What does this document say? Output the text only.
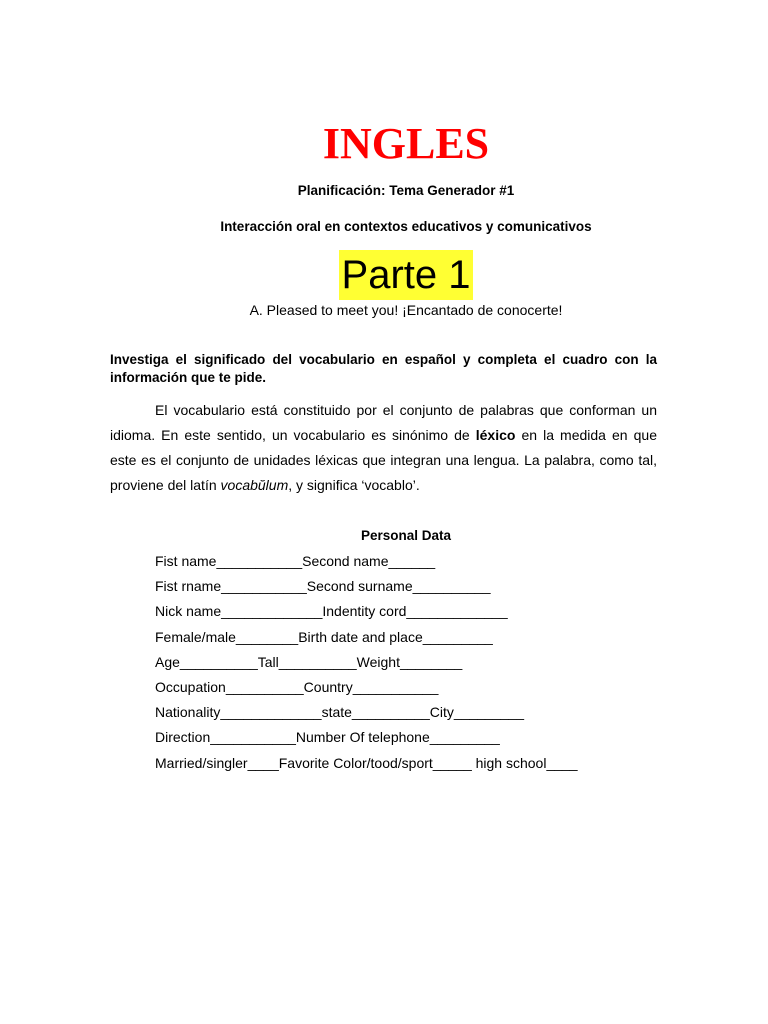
INGLES
Planificación: Tema Generador #1
Interacción oral en contextos educativos y comunicativos
Parte 1
A. Pleased to meet you! ¡Encantado de conocerte!
Investiga el significado del vocabulario en español y completa el cuadro con la información que te pide.
El vocabulario está constituido por el conjunto de palabras que conforman un idioma. En este sentido, un vocabulario es sinónimo de léxico en la medida en que este es el conjunto de unidades léxicas que integran una lengua. La palabra, como tal, proviene del latín vocabŭlum, y significa ‘vocablo’.
Personal Data
Fist name___________Second name______
Fist rname___________Second surname__________
Nick name_____________Indentity cord_____________
Female/male________Birth date and place_________
Age__________Tall__________Weight________
Occupation__________Country___________
Nationality_____________state__________City_________
Direction___________Number Of telephone_________
Married/singler____Favorite Color/tood/sport_____ high school____
